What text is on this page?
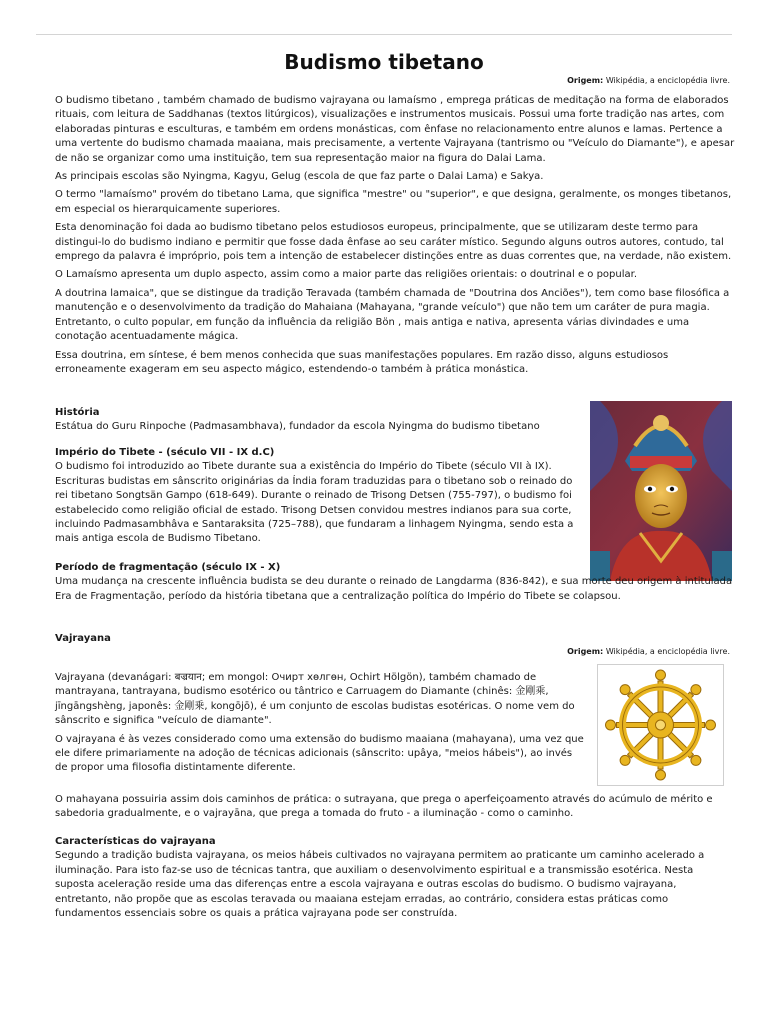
Budismo tibetano
Origem: Wikipédia, a enciclopédia livre.

O budismo tibetano , também chamado de budismo vajrayana ou lamaísmo , emprega práticas de meditação na forma de elaborados rituais, com leitura de Saddhanas (textos litúrgicos), visualizações e instrumentos musicais. Possui uma forte tradição nas artes, com elaboradas pinturas e esculturas, e também em ordens monásticas, com ênfase no relacionamento entre alunos e lamas. Pertence a uma vertente do budismo chamada maaiana, mais precisamente, a vertente Vajrayana (tantrismo ou "Veículo do Diamante"), e apesar de não se organizar como uma instituição, tem sua representação maior na figura do Dalai Lama.

As principais escolas são Nyingma, Kagyu, Gelug (escola de que faz parte o Dalai Lama) e Sakya.

O termo "lamaísmo" provém do tibetano Lama, que significa "mestre" ou "superior", e que designa, geralmente, os monges tibetanos, em especial os hierarquicamente superiores.

Esta denominação foi dada ao budismo tibetano pelos estudiosos europeus, principalmente, que se utilizaram deste termo para distingui-lo do budismo indiano e permitir que fosse dada ênfase ao seu caráter místico. Segundo alguns outros autores, contudo, tal emprego da palavra é impróprio, pois tem a intenção de estabelecer distinções entre as duas correntes que, na verdade, não existem.

O Lamaísmo apresenta um duplo aspecto, assim como a maior parte das religiões orientais: o doutrinal e o popular.

A doutrina lamaica", que se distingue da tradição Teravada (também chamada de "Doutrina dos Anciões"), tem como base filosófica a manutenção e o desenvolvimento da tradição do Mahaiana (Mahayana, "grande veículo") que não tem um caráter de pura magia. Entretanto, o culto popular, em função da influência da religião Bön , mais antiga e nativa, apresenta várias divindades e uma conotação acentuadamente mágica.

Essa doutrina, em síntese, é bem menos conhecida que suas manifestações populares. Em razão disso, alguns estudiosos erroneamente exageram em seu aspecto mágico, estendendo-o também à prática monástica.

História

Estátua do Guru Rinpoche (Padmasambhava), fundador da escola Nyingma do budismo tibetano

Império do Tibete - (século VII - IX d.C)

O budismo foi introduzido ao Tibete durante sua a existência do Império do Tibete (século VII à IX). Escrituras budistas em sânscrito originárias da Índia foram traduzidas para o tibetano sob o reinado do rei tibetano Songtsän Gampo (618-649). Durante o reinado de Trisong Detsen (755-797), o budismo foi estabelecido como religião oficial de estado. Trisong Detsen convidou mestres indianos para sua corte, incluindo Padmasambhâva e Santaraksita (725–788), que fundaram a linhagem Nyingma, sendo esta a mais antiga escola de Budismo Tibetano.

Período de fragmentação (século IX - X)

Uma mudança na crescente influência budista se deu durante o reinado de Langdarma (836-842), e sua morte deu origem à intitulada Era de Fragmentação, período da história tibetana que a centralização política do Império do Tibete se colapsou.

Vajrayana

Origem: Wikipédia, a enciclopédia livre.

Vajrayana (devanágari: बज्रयान; em mongol: Очирт хөлгөн, Ochirt Hölgön), também chamado de mantrayana, tantrayana, budismo esotérico ou tântrico e Carruagem do Diamante (chinês: 金剛乘, jīngāngshèng, japonês: 金剛乗, kongōjō), é um conjunto de escolas budistas esotéricas. O nome vem do sânscrito e significa "veículo de diamante".

O vajrayana é às vezes considerado como uma extensão do budismo maaiana (mahayana), uma vez que ele difere primariamente na adoção de técnicas adicionais (sânscrito: upâya, "meios hábeis"), ao invés de propor uma filosofia distintamente diferente.

O mahayana possuiria assim dois caminhos de prática: o sutrayana, que prega o aperfeiçoamento através do acúmulo de mérito e sabedoria gradualmente, e o vajrayāna, que prega a tomada do fruto - a iluminação - como o caminho.

Características do vajrayana

Segundo a tradição budista vajrayana, os meios hábeis cultivados no vajrayana permitem ao praticante um caminho acelerado a iluminação. Para isto faz-se uso de técnicas tantra, que auxiliam o desenvolvimento espiritual e a transmissão esotérica. Nesta suposta aceleração reside uma das diferenças entre a escola vajrayana e outras escolas do budismo. O budismo vajrayana, entretanto, não propõe que as escolas teravada ou maaiana estejam erradas, ao contrário, considera estas práticas como fundamentos essenciais sobre os quais a prática vajrayana pode ser construída.
